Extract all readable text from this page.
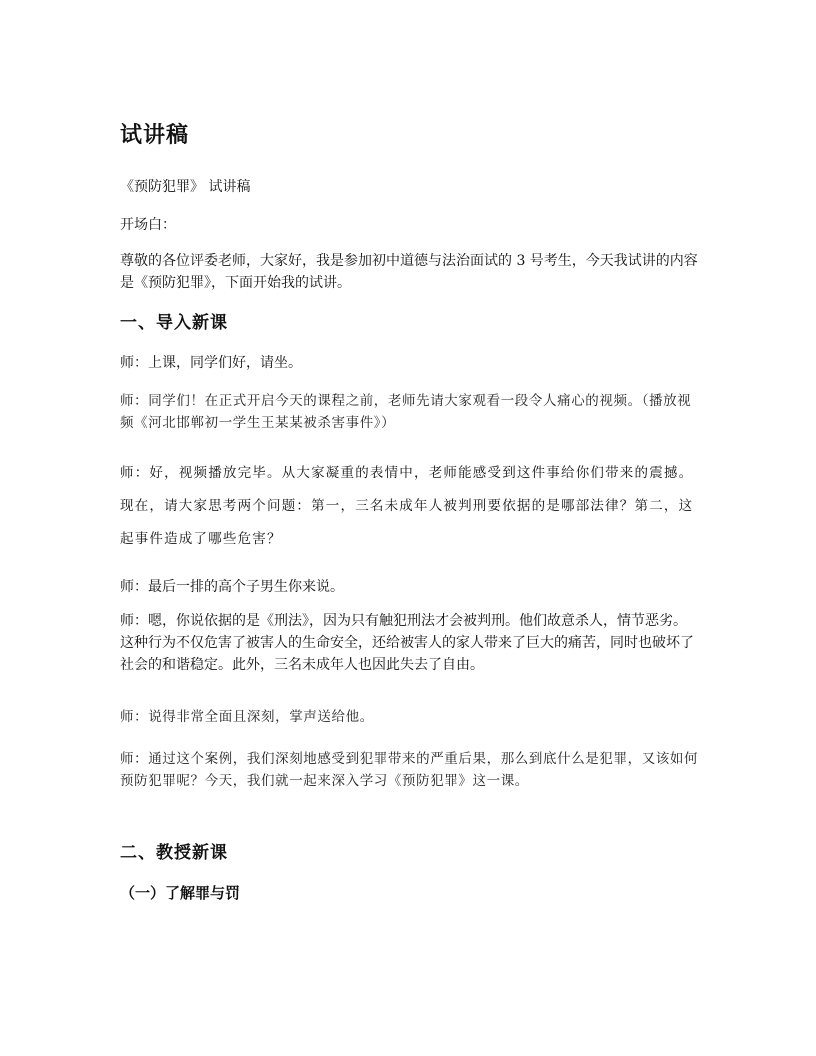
试讲稿

《预防犯罪》 试讲稿

开场白：

尊敬的各位评委老师，大家好，我是参加初中道德与法治面试的 3 号考生，今天我试讲的内容是《预防犯罪》，下面开始我的试讲。

一、导入新课

师：上课，同学们好，请坐。

师：同学们！在正式开启今天的课程之前，老师先请大家观看一段令人痛心的视频。（播放视频《河北邯郸初一学生王某某被杀害事件》）

师：好，视频播放完毕。从大家凝重的表情中，老师能感受到这件事给你们带来的震撼。现在，请大家思考两个问题：第一，三名未成年人被判刑要依据的是哪部法律？第二，这起事件造成了哪些危害？

师：最后一排的高个子男生你来说。

师：嗯，你说依据的是《刑法》，因为只有触犯刑法才会被判刑。他们故意杀人，情节恶劣。这种行为不仅危害了被害人的生命安全，还给被害人的家人带来了巨大的痛苦，同时也破坏了社会的和谐稳定。此外，三名未成年人也因此失去了自由。

师：说得非常全面且深刻，掌声送给他。

师：通过这个案例，我们深刻地感受到犯罪带来的严重后果，那么到底什么是犯罪，又该如何预防犯罪呢？今天，我们就一起来深入学习《预防犯罪》这一课。

二、教授新课
（一）了解罪与罚
